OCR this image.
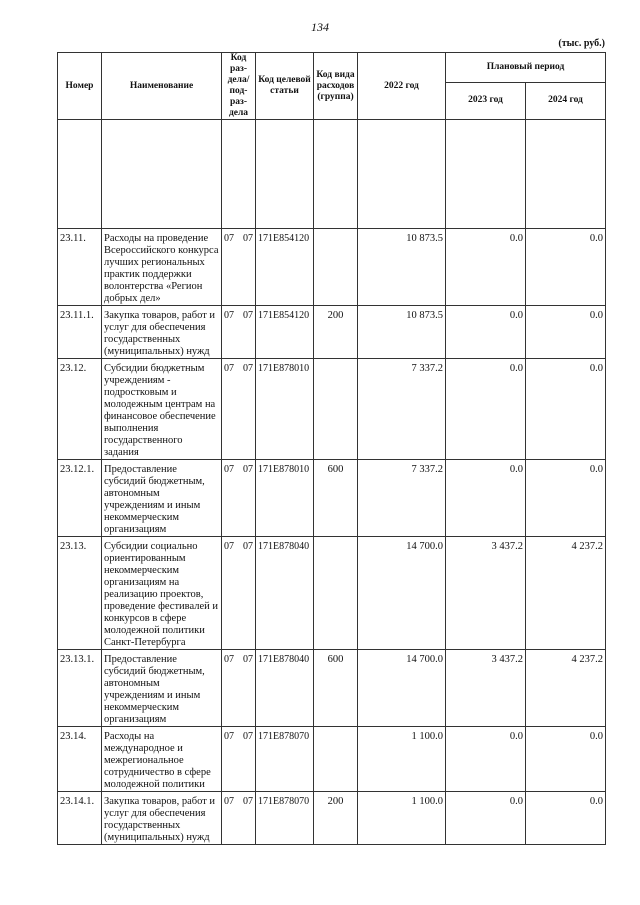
134
(тыс. руб.)
Номер	Наименование	Код раз-дела/ под-раз-дела	Код целевой статьи	Код вида расходов (группа)	2022 год	Плановый период	
						2023 год	2024 год

23.11.	Расходы на проведение Всероссийского конкурса лучших региональных практик поддержки волонтерства «Регион добрых дел»	07 07	171E854120		10 873.5	0.0	0.0
23.11.1.	Закупка товаров, работ и услуг для обеспечения государственных (муниципальных) нужд	07 07	171E854120	200	10 873.5	0.0	0.0
23.12.	Субсидии бюджетным учреждениям - подростковым и молодежным центрам на финансовое обеспечение выполнения государственного задания	07 07	171E878010		7 337.2	0.0	0.0
23.12.1.	Предоставление субсидий бюджетным, автономным учреждениям и иным некоммерческим организациям	07 07	171E878010	600	7 337.2	0.0	0.0
23.13.	Субсидии социально ориентированным некоммерческим организациям на реализацию проектов, проведение фестивалей и конкурсов в сфере молодежной политики Санкт-Петербурга	07 07	171E878040		14 700.0	3 437.2	4 237.2
23.13.1.	Предоставление субсидий бюджетным, автономным учреждениям и иным некоммерческим организациям	07 07	171E878040	600	14 700.0	3 437.2	4 237.2
23.14.	Расходы на международное и межрегиональное сотрудничество в сфере молодежной политики	07 07	171E878070		1 100.0	0.0	0.0
23.14.1.	Закупка товаров, работ и услуг для обеспечения государственных (муниципальных) нужд	07 07	171E878070	200	1 100.0	0.0	0.0
